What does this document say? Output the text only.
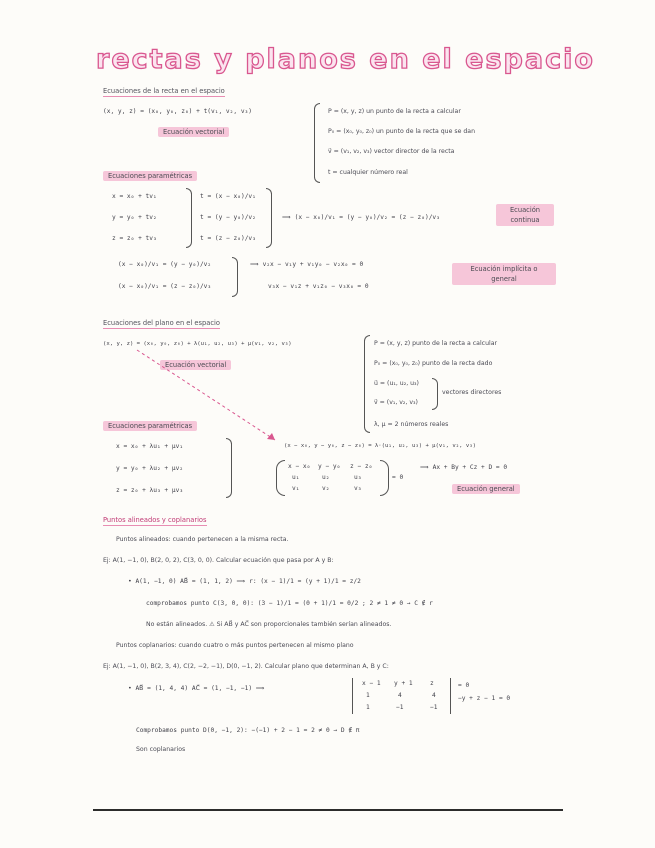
rectas y planos en el espacio
Ecuaciones de la recta en el espacio
(x, y, z) = (x₀, y₀, z₀) + t(v₁, v₂, v₃)
Ecuación vectorial
P = (x, y, z) un punto de la recta a calcular
P₀ = (x₀, y₀, z₀) un punto de la recta que se dan
v⃗ = (v₁, v₂, v₃) vector director de la recta
t = cualquier número real
Ecuaciones paramétricas
x = x₀ + tv₁
y = y₀ + tv₂
z = z₀ + tv₃
t = (x − x₀)/v₁
t = (y − y₀)/v₂
t = (z − z₀)/v₃
⟹ (x − x₀)/v₁ = (y − y₀)/v₂ = (z − z₀)/v₃
Ecuación continua
(x − x₀)/v₁ = (y − y₀)/v₂
(x − x₀)/v₁ = (z − z₀)/v₃
⟹ v₂x − v₁y + v₁y₀ − v₂x₀ = 0
v₃x − v₁z + v₁z₀ − v₃x₀ = 0
Ecuación implícita o general
Ecuaciones del plano en el espacio
(x, y, z) = (x₀, y₀, z₀) + λ(u₁, u₂, u₃) + μ(v₁, v₂, v₃)
Ecuación vectorial
P = (x, y, z) punto de la recta a calcular
P₀ = (x₀, y₀, z₀) punto de la recta dado
u⃗ = (u₁, u₂, u₃)
v⃗ = (v₁, v₂, v₃)
vectores directores
λ, μ = 2 números reales
Ecuaciones paramétricas
x = x₀ + λu₁ + μv₁
y = y₀ + λu₂ + μv₂
z = z₀ + λu₃ + μv₃
(x − x₀, y − y₀, z − z₀) = λ·(u₁, u₂, u₃) + μ(v₁, v₂, v₃)
x − x₀ y − y₀ z − z₀
u₁	u₂	u₃
v₁	v₂	v₃
= 0
⟹ Ax + By + Cz + D = 0
Ecuación general
Puntos alineados y coplanarios
Puntos alineados: cuando pertenecen a la misma recta.
Ej: A(1, −1, 0), B(2, 0, 2), C(3, 0, 0). Calcular ecuación que pasa por A y B:
• A(1, −1, 0) AB⃗ = (1, 1, 2) ⟹ r: (x − 1)/1 = (y + 1)/1 = z/2
comprobamos punto C(3, 0, 0): (3 − 1)/1 = (0 + 1)/1 = 0/2 ; 2 ≠ 1 ≠ 0 → C ∉ r
No están alineados. ⚠ Si AB⃗ y AC⃗ son proporcionales también serían alineados.
Puntos coplanarios: cuando cuatro o más puntos pertenecen al mismo plano
Ej: A(1, −1, 0), B(2, 3, 4), C(2, −2, −1), D(0, −1, 2). Calcular plano que determinan A, B y C:
• AB⃗ = (1, 4, 4) AC⃗ = (1, −1, −1) ⟹
x − 1 y + 1	z
1	4	4
1	−1	−1
= 0
−y + z − 1 = 0
Comprobamos punto D(0, −1, 2): −(−1) + 2 − 1 = 2 ≠ 0 → D ∉ π
Son coplanarios
